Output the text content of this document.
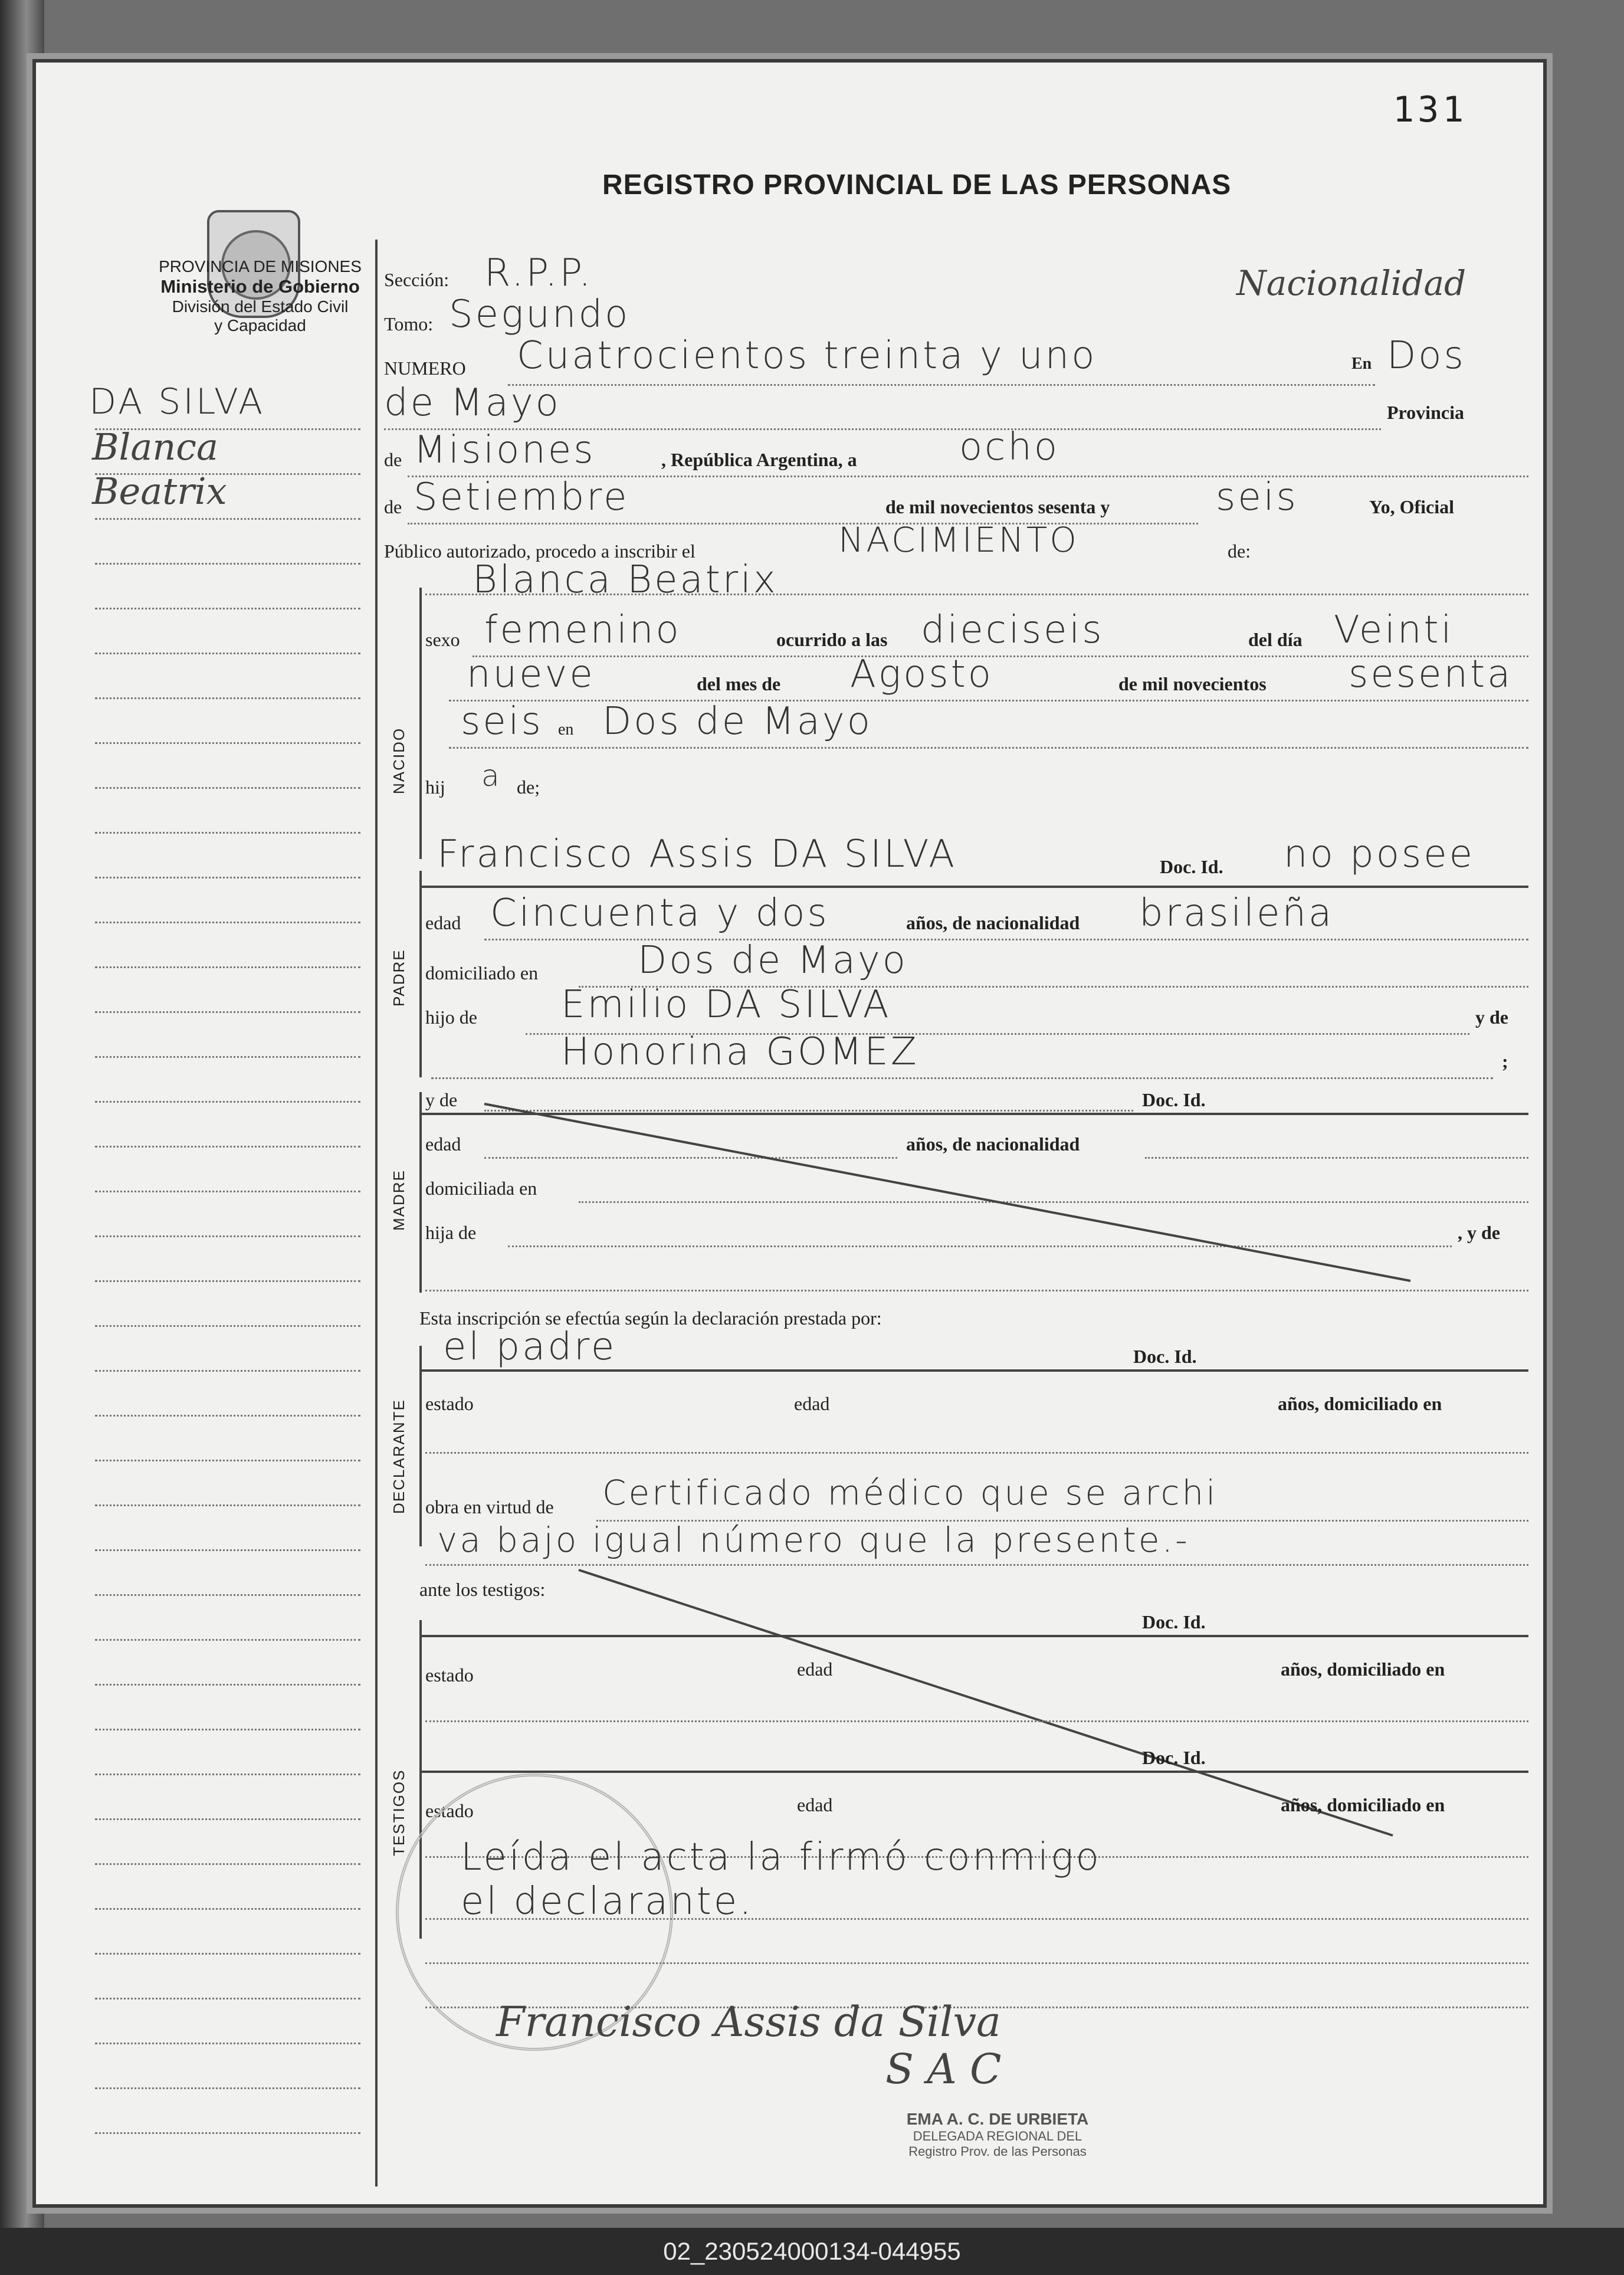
131
REGISTRO PROVINCIAL DE LAS PERSONAS
Nacionalidad
PROVINCIA DE MISIONES
Ministerio de Gobierno
División del Estado Civil
y Capacidad
DA SILVA
Blanca
Beatrix
Sección: R.P.P.
Tomo: Segundo
NUMERO Cuatrocientos treinta y uno	En Dos
de Mayo	Provincia
de Misiones	, República Argentina, a	ocho
de Setiembre	de mil novecientos sesenta y	seis	Yo, Oficial
Público autorizado, procedo a inscribir el	NACIMIENTO	de:
NACIDO
Blanca Beatrix
sexo femenino	ocurrido a las dieciseis	del día Veinti
nueve	del mes de Agosto	de mil novecientos sesenta
seis en Dos de Mayo
hij a de;
PADRE
Francisco Assis DA SILVA	Doc. Id. no posee
edad Cincuenta y dos	años, de nacionalidad brasileña
domiciliado en	Dos de Mayo
hijo de Emilio DA SILVA	y de
Honorina GOMEZ	;
MADRE
y de	Doc. Id.
edad	años, de nacionalidad
domiciliada en
hija de	, y de
Esta inscripción se efectúa según la declaración prestada por:
DECLARANTE
el padre	Doc. Id.
estado	edad	años, domiciliado en
obra en virtud de Certificado médico que se archi
va bajo igual número que la presente.-
ante los testigos:
TESTIGOS
Doc. Id.
estado	edad	años, domiciliado en
Doc. Id.
estado	edad	años, domiciliado en
Leída el acta la firmó conmigo
el declarante.
Francisco Assis da Silva
S A C
EMA A. C. DE URBIETA
DELEGADA REGIONAL DEL
Registro Prov. de las Personas
02_230524000134-044955
